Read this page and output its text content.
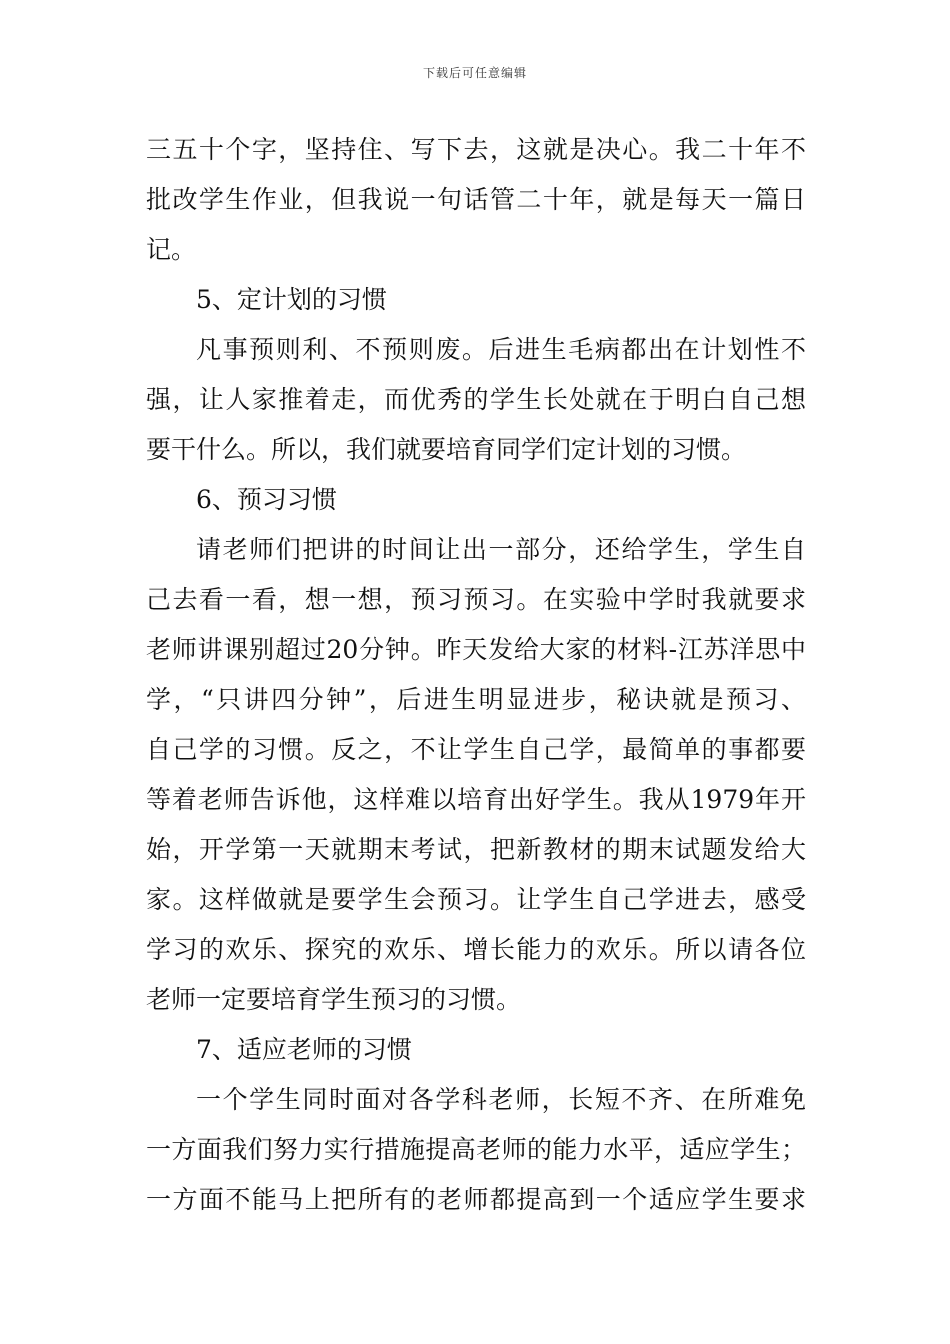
下载后可任意编辑
三五十个字，坚持住、写下去，这就是决心。我二十年不
批改学生作业，但我说一句话管二十年，就是每天一篇日
记。
5、定计划的习惯
凡事预则利、不预则废。后进生毛病都出在计划性不
强，让人家推着走，而优秀的学生长处就在于明白自己想
要干什么。所以，我们就要培育同学们定计划的习惯。
6、预习习惯
请老师们把讲的时间让出一部分，还给学生，学生自
己去看一看，想一想，预习预习。在实验中学时我就要求
老师讲课别超过20分钟。昨天发给大家的材料-江苏洋思中
学，“只讲四分钟”，后进生明显进步，秘诀就是预习、
自己学的习惯。反之，不让学生自己学，最简单的事都要
等着老师告诉他，这样难以培育出好学生。我从1979年开
始，开学第一天就期末考试，把新教材的期末试题发给大
家。这样做就是要学生会预习。让学生自己学进去，感受
学习的欢乐、探究的欢乐、增长能力的欢乐。所以请各位
老师一定要培育学生预习的习惯。
7、适应老师的习惯
一个学生同时面对各学科老师，长短不齐、在所难免
一方面我们努力实行措施提高老师的能力水平，适应学生；
一方面不能马上把所有的老师都提高到一个适应学生要求
